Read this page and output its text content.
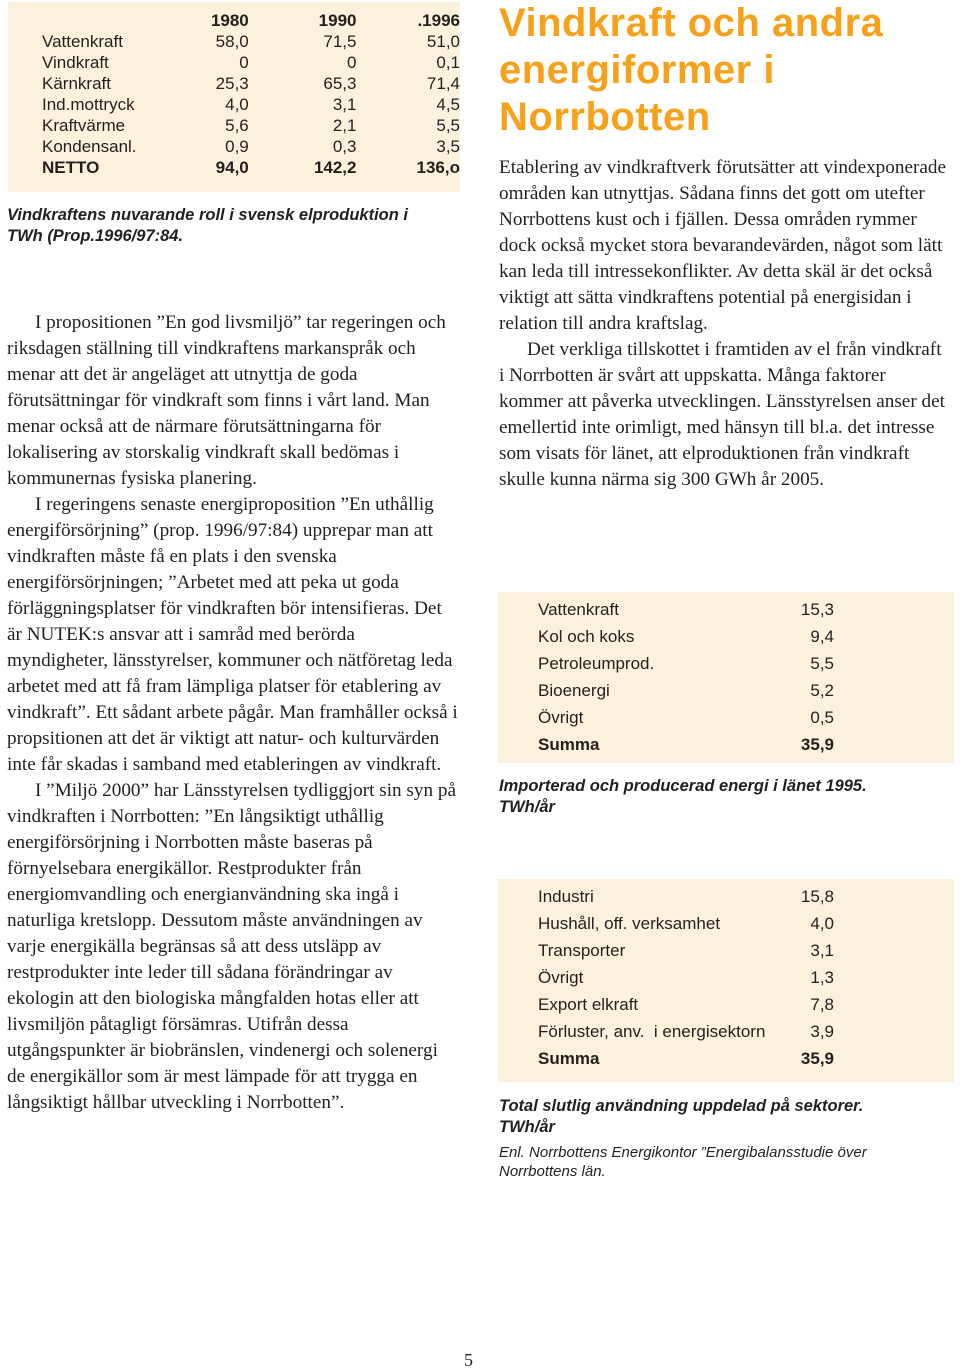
	1980	1990	.1996
Vattenkraft	58,0	71,5	51,0
Vindkraft	0	0	0,1
Kärnkraft	25,3	65,3	71,4
Ind.mottryck	4,0	3,1	4,5
Kraftvärme	5,6	2,1	5,5
Kondensanl.	0,9	0,3	3,5
NETTO	94,0	142,2	136,o

Vindkraftens nuvarande roll i svensk elproduktion i
TWh (Prop.1996/97:84.

I propositionen ”En god livsmiljö” tar regeringen och riksdagen ställning till vindkraftens markanspråk och menar att det är angeläget att utnyttja de goda förutsättningar för vindkraft som finns i vårt land. Man menar också att de närmare förutsättningarna för lokalisering av storskalig vindkraft skall bedömas i kommunernas fysiska planering.

I regeringens senaste energiproposition ”En uthållig energiförsörjning” (prop. 1996/97:84) upprepar man att vindkraften måste få en plats i den svenska energiförsörjningen; ”Arbetet med att peka ut goda förläggningsplatser för vindkraften bör intensifieras. Det är NUTEK:s ansvar att i samråd med berörda myndigheter, länsstyrelser, kommuner och nätföretag leda arbetet med att få fram lämpliga platser för etablering av vindkraft”. Ett sådant arbete pågår. Man framhåller också i propsitionen att det är viktigt att natur- och kulturvärden inte får skadas i samband med etableringen av vindkraft.

I ”Miljö 2000” har Länsstyrelsen tydliggjort sin syn på vindkraften i Norrbotten: ”En långsiktigt uthållig energiförsörjning i Norrbotten måste baseras på förnyelsebara energikällor. Restprodukter från energiomvandling och energianvändning ska ingå i naturliga kretslopp. Dessutom måste användningen av varje energikälla begränsas så att dess utsläpp av restprodukter inte leder till sådana förändringar av ekologin att den biologiska mångfalden hotas eller att livsmiljön påtagligt försämras. Utifrån dessa utgångspunkter är biobränslen, vindenergi och solenergi de energikällor som är mest lämpade för att trygga en långsiktigt hållbar utveckling i Norrbotten”.

Vindkraft och andra energiformer i Norrbotten

Etablering av vindkraftverk förutsätter att vindexponerade områden kan utnyttjas. Sådana finns det gott om utefter Norrbottens kust och i fjällen. Dessa områden rymmer dock också mycket stora bevarandevärden, något som lätt kan leda till intressekonflikter. Av detta skäl är det också viktigt att sätta vindkraftens potential på energisidan i relation till andra kraftslag.

Det verkliga tillskottet i framtiden av el från vindkraft i Norrbotten är svårt att uppskatta. Många faktorer kommer att påverka utvecklingen. Länsstyrelsen anser det emellertid inte orimligt, med hänsyn till bl.a. det intresse som visats för länet, att elproduktionen från vindkraft skulle kunna närma sig 300 GWh år 2005.

Vattenkraft	15,3	
Kol och koks	9,4	
Petroleumprod.	5,5	
Bioenergi	5,2	
Övrigt	0,5	
Summa	35,9	

Importerad och producerad energi i länet 1995.
TWh/år

Industri	15,8	
Hushåll, off. verksamhet	4,0	
Transporter	3,1	
Övrigt	1,3	
Export elkraft	7,8	
Förluster, anv.  i energisektorn	3,9	
Summa	35,9	

Total slutlig användning uppdelad på sektorer.
TWh/år

Enl. Norrbottens Energikontor ”Energibalansstudie över Norrbottens län.

5
